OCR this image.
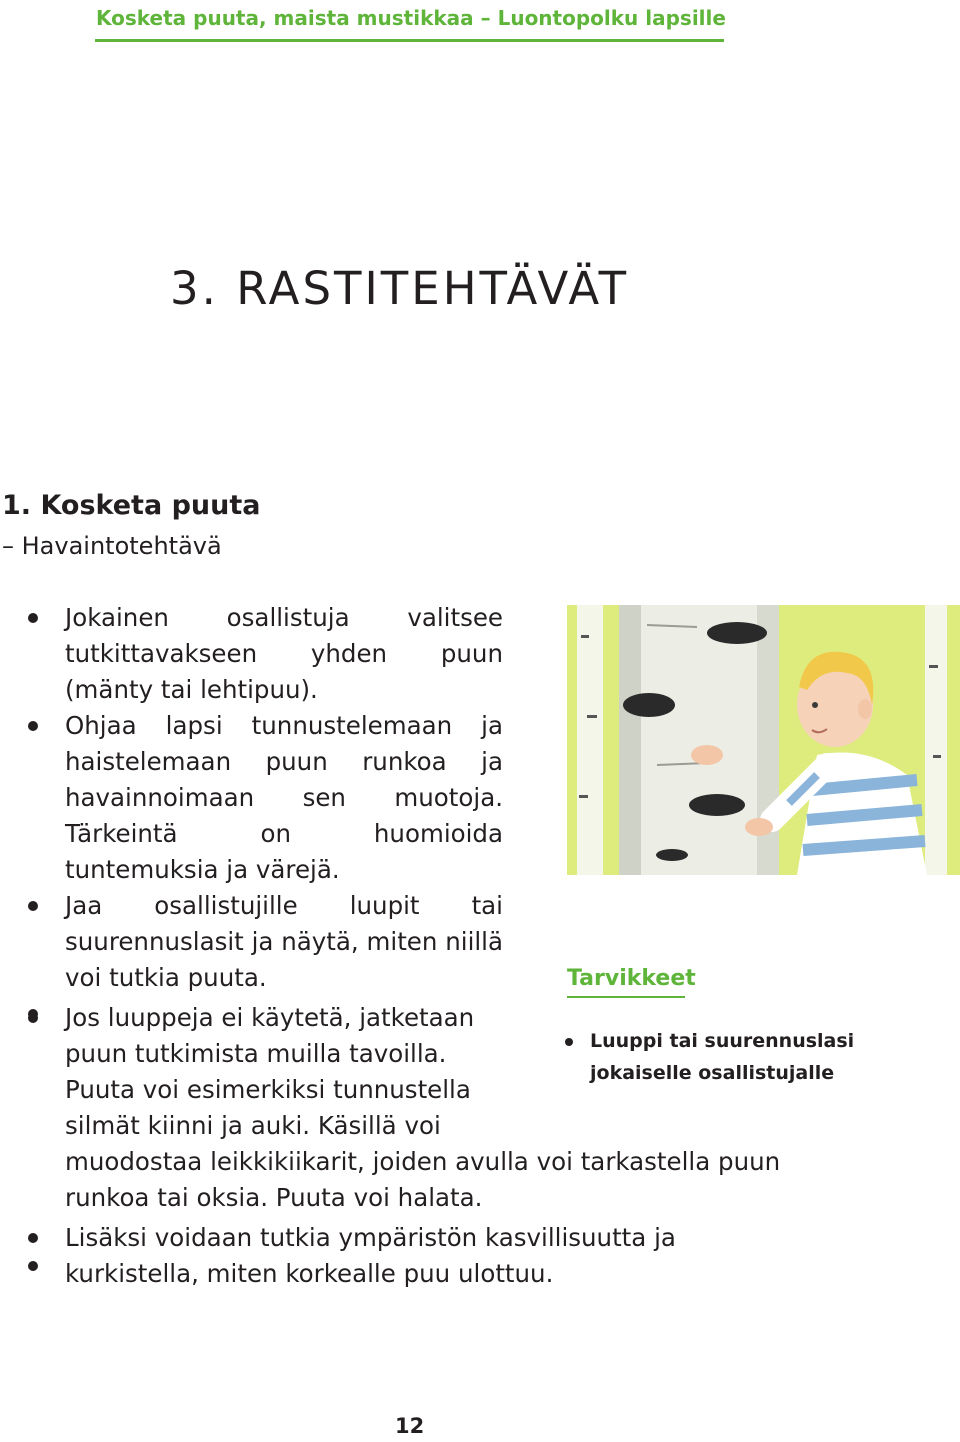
Kosketa puuta, maista mustikkaa – Luontopolku lapsille
3. RASTITEHTÄVÄT
1. Kosketa puuta
– Havaintotehtävä
Jokainen osallistuja valitsee tutkittavakseen yhden puun (mänty tai lehtipuu).
Ohjaa lapsi tunnustelemaan ja haistelemaan puun runkoa ja havainnoimaan sen muotoja. Tärkeintä on huomioida tuntemuksia ja värejä.
Jaa osallistujille luupit tai suurennuslasit ja näytä, miten niillä voi tutkia puuta.
Jos luuppeja ei käytetä, jatketaan puun tutkimista muilla tavoilla. Puuta voi esimerkiksi tunnustella silmät kiinni ja auki. Käsillä voi muodostaa leikkikiikarit, joiden avulla voi tarkastella puun runkoa tai oksia. Puuta voi halata.
Lisäksi voidaan tutkia ympäristön kasvillisuutta ja kurkistella, miten korkealle puu ulottuu.
Tarvikkeet
Luuppi tai suurennuslasi jokaiselle osallistujalle
12
